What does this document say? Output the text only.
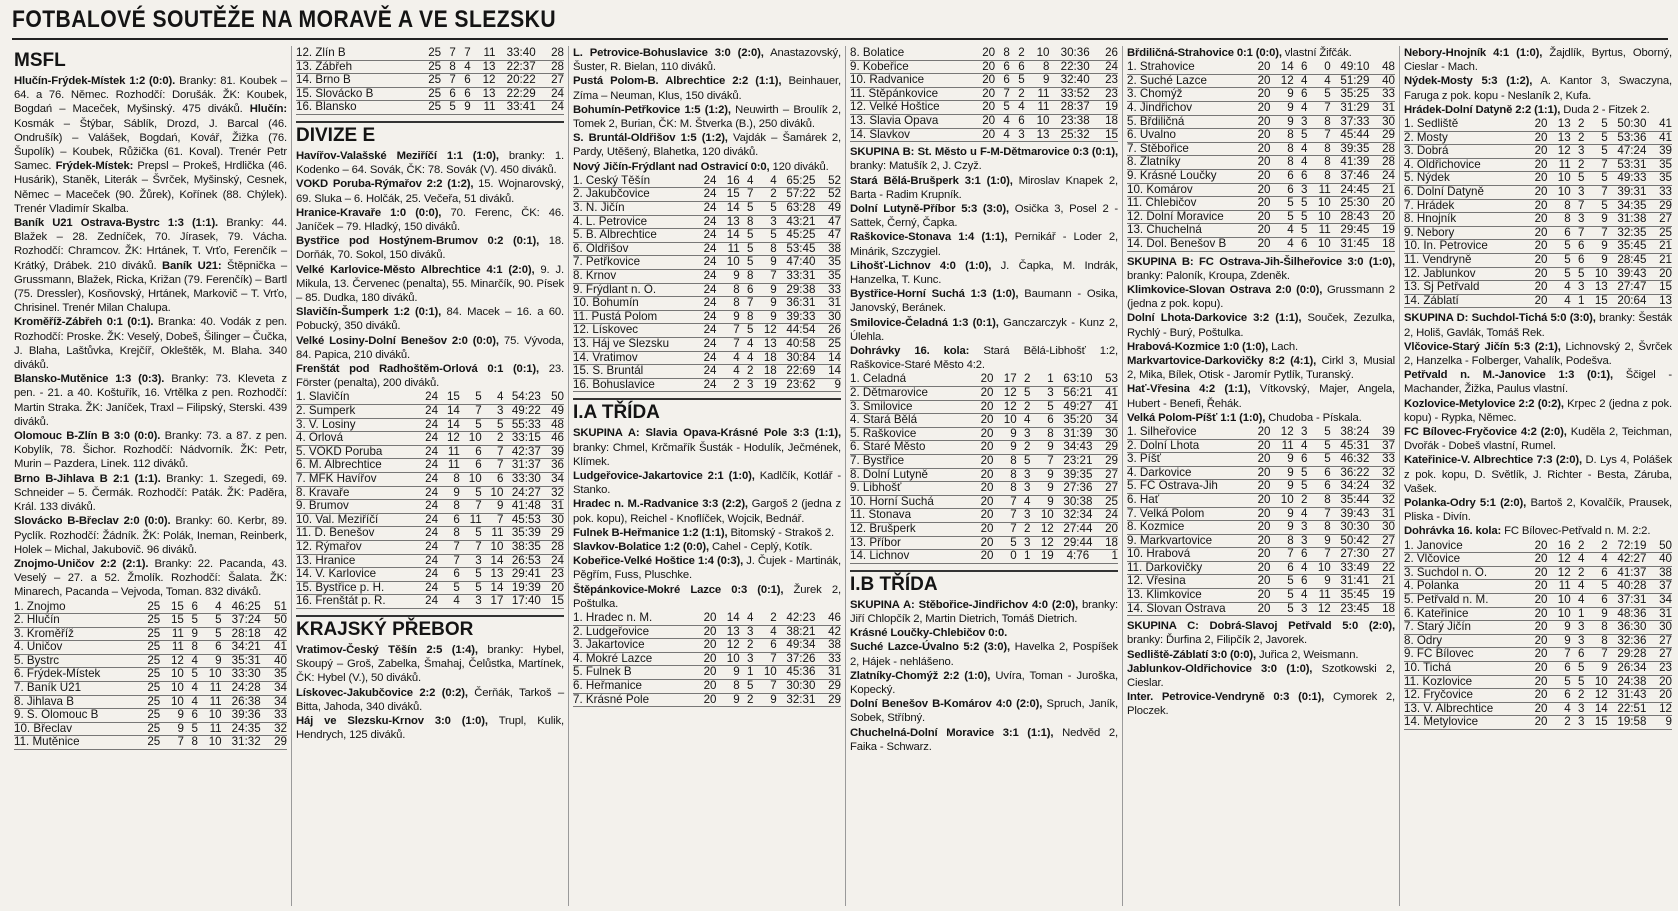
FOTBALOVÉ SOUTĚŽE NA MORAVĚ A VE SLEZSKU
MSFL

Hlučín-Frýdek-Místek 1:2 (0:0). Branky: 81. Koubek – 64. a 76. Němec. Rozhodčí: Dorušák. ŽK: Koubek, Bogdań – Maceček, Myšinský. 475 diváků. Hlučín: Kosmák – Štýbar, Sáblík, Drozd, J. Barcal (46. Ondrušík) – Valášek, Bogdań, Kovář, Žižka (76. Šupolík) – Koubek, Růžička (61. Koval). Trenér Petr Samec. Frýdek-Místek: Prepsl – Prokeš, Hrdlička (46. Husárik), Staněk, Literák – Švrček, Myšinský, Cesnek, Němec – Maceček (90. Žůrek), Kořínek (88. Chýlek). Trenér Vladimír Skalba.

Baník U21 Ostrava-Bystrc 1:3 (1:1). Branky: 44. Blažek – 28. Zedníček, 70. Jírasek, 79. Vácha. Rozhodčí: Chramcov. ŽK: Hrtánek, T. Vrťo, Ferenčík – Krátký, Drábek. 210 diváků. Baník U21: Štěpnička – Grussmann, Blažek, Ricka, Križan (79. Ferenčík) – Bartl (75. Dressler), Kosňovský, Hrtánek, Markovič – T. Vrťo, Chrisinel. Trenér Milan Chalupa.

Kroměříž-Zábřeh 0:1 (0:1). Branka: 40. Vodák z pen. Rozhodčí: Proske. ŽK: Veselý, Dobeš, Šilinger – Čučka, J. Blaha, Laštůvka, Krejčíř, Okleštěk, M. Blaha. 340 diváků.

Blansko-Mutěnice 1:3 (0:3). Branky: 73. Kleveta z pen. - 21. a 40. Koštuřík, 16. Vrtělka z pen. Rozhodčí: Martin Straka. ŽK: Janíček, Traxl – Filipský, Sterski. 439 diváků.

Olomouc B-Zlín B 3:0 (0:0). Branky: 73. a 87. z pen. Kobylík, 78. Šichor. Rozhodčí: Nádvorník. ŽK: Petr, Murin – Pazdera, Linek. 112 diváků.

Brno B-Jihlava B 2:1 (1:1). Branky: 1. Szegedi, 69. Schneider – 5. Čermák. Rozhodčí: Paták. ŽK: Paděra, Král. 133 diváků.

Slovácko B-Břeclav 2:0 (0:0). Branky: 60. Kerbr, 89. Pyclík. Rozhodčí: Žádník. ŽK: Polák, Ineman, Reinberk, Holek – Michal, Jakubovič. 96 diváků.

Znojmo-Uničov 2:2 (2:1). Branky: 22. Pacanda, 43. Veselý – 27. a 52. Žmolík. Rozhodčí: Šalata. ŽK: Minarech, Pacanda – Vejvoda, Toman. 832 diváků.

1. Znojmo	25	15	6	4	46:25	51
2. Hlučín	25	15	5	5	37:24	50
3. Kroměříž	25	11	9	5	28:18	42
4. Uničov	25	11	8	6	34:21	41
5. Bystrc	25	12	4	9	35:31	40
6. Frýdek-Místek	25	10	5	10	33:30	35
7. Baník U21	25	10	4	11	24:28	34
8. Jihlava B	25	10	4	11	26:38	34
9. S. Olomouc B	25	9	6	10	39:36	33
10. Břeclav	25	9	5	11	24:35	32
11. Mutěnice	25	7	8	10	31:32	29
12. Zlín B	25	7	7	11	33:40	28
13. Zábřeh	25	8	4	13	22:37	28
14. Brno B	25	7	6	12	20:22	27
15. Slovácko B	25	6	6	13	22:29	24
16. Blansko	25	5	9	11	33:41	24
DIVIZE E

Havířov-Valašské Meziříčí 1:1 (1:0), branky: 1. Kodenko – 64. Sovák, ČK: 78. Sovák (V). 450 diváků.

VOKD Poruba-Rýmařov 2:2 (1:2), 15. Wojnarovský, 69. Sluka – 6. Holčák, 25. Večeřa, 51 diváků.

Hranice-Kravaře 1:0 (0:0), 70. Ferenc, ČK: 46. Janíček – 79. Hladký, 150 diváků.

Bystřice pod Hostýnem-Brumov 0:2 (0:1), 18. Dorňák, 70. Sokol, 150 diváků.

Velké Karlovice-Město Albrechtice 4:1 (2:0), 9. J. Mikula, 13. Červenec (penalta), 55. Minarčík, 90. Písek – 85. Dudka, 180 diváků.

Slavičín-Šumperk 1:2 (0:1), 84. Macek – 16. a 60. Pobucký, 350 diváků.

Velké Losiny-Dolní Benešov 2:0 (0:0), 75. Vývoda, 84. Papica, 210 diváků.

Frenštát pod Radhoštěm-Orlová 0:1 (0:1), 23. Förster (penalta), 200 diváků.

1. Slavičín	24	15	5	4	54:23	50
2. Šumperk	24	14	7	3	49:22	49
3. V. Losiny	24	14	5	5	55:33	48
4. Orlová	24	12	10	2	33:15	46
5. VOKD Poruba	24	11	6	7	42:37	39
6. M. Albrechtice	24	11	6	7	31:37	36
7. MFK Havířov	24	8	10	6	33:30	34
8. Kravaře	24	9	5	10	24:27	32
9. Brumov	24	8	7	9	41:48	31
10. Val. Meziříčí	24	6	11	7	45:53	30
11. D. Benešov	24	8	5	11	35:39	29
12. Rýmařov	24	7	7	10	38:35	28
13. Hranice	24	7	3	14	26:53	24
14. V. Karlovice	24	6	5	13	29:41	23
15. Bystřice p. H.	24	5	5	14	19:39	20
16. Frenštát p. R.	24	4	3	17	17:40	15
KRAJSKÝ PŘEBOR

Vratimov-Český Těšín 2:5 (1:4), branky: Hybel, Skoupý – Groš, Zabelka, Šmahaj, Čelůstka, Martínek, ČK: Hybel (V.), 50 diváků.

Lískovec-Jakubčovice 2:2 (0:2), Čerňák, Tarkoš – Bitta, Jahoda, 340 diváků.

Háj ve Slezsku-Krnov 3:0 (1:0), Trupl, Kulik, Hendrych, 125 diváků.

L. Petrovice-Bohuslavice 3:0 (2:0), Anastazovský, Šuster, R. Bielan, 110 diváků.

Pustá Polom-B. Albrechtice 2:2 (1:1), Beinhauer, Zíma – Neuman, Klus, 150 diváků.

Bohumín-Petřkovice 1:5 (1:2), Neuwirth – Broulík 2, Tomek 2, Burian, ČK: M. Štverka (B.), 250 diváků.

S. Bruntál-Oldřišov 1:5 (1:2), Vajdák – Šamárek 2, Pardy, Utěšený, Blahetka, 120 diváků.

Nový Jičín-Frýdlant nad Ostravicí 0:0, 120 diváků.

1. Český Těšín	24	16	4	4	65:25	52
2. Jakubčovice	24	15	7	2	57:22	52
3. N. Jičín	24	14	5	5	63:28	49
4. L. Petrovice	24	13	8	3	43:21	47
5. B. Albrechtice	24	14	5	5	45:25	47
6. Oldřišov	24	11	5	8	53:45	38
7. Petřkovice	24	10	5	9	47:40	35
8. Krnov	24	9	8	7	33:31	35
9. Frýdlant n. O.	24	8	6	9	29:38	33
10. Bohumín	24	8	7	9	36:31	31
11. Pustá Polom	24	9	8	9	39:33	30
12. Lískovec	24	7	5	12	44:54	26
13. Háj ve Slezsku	24	7	4	13	40:58	25
14. Vratimov	24	4	4	18	30:84	14
15. S. Bruntál	24	4	2	18	22:69	14
16. Bohuslavice	24	2	3	19	23:62	9
I.A TŘÍDA

SKUPINA A: Slavia Opava-Krásné Pole 3:3 (1:1), branky: Chmel, Krčmařík Šusták - Hodulík, Ječmének, Klímek.

Ludgeřovice-Jakartovice 2:1 (1:0), Kadlčík, Kotlář - Stanko.

Hradec n. M.-Radvanice 3:3 (2:2), Gargoš 2 (jedna z pok. kopu), Reichel - Knoflíček, Wojcik, Bednář.

Fulnek B-Heřmanice 1:2 (1:1), Bitomský - Strakoš 2.

Slavkov-Bolatice 1:2 (0:0), Cahel - Ceplý, Kotík.

Kobeřice-Velké Hoštice 1:4 (0:3), J. Čujek - Martinák, Pěgřím, Fuss, Pluschke.

Štěpánkovice-Mokré Lazce 0:3 (0:1), Žurek 2, Poštulka.

1. Hradec n. M.	20	14	4	2	42:23	46
2. Ludgeřovice	20	13	3	4	38:21	42
3. Jakartovice	20	12	2	6	49:34	38
4. Mokré Lazce	20	10	3	7	37:26	33
5. Fulnek B	20	9	1	10	45:36	31
6. Heřmanice	20	8	5	7	30:30	29
7. Krásné Pole	20	9	2	9	32:31	29
8. Bolatice	20	8	2	10	30:36	26
9. Kobeřice	20	6	6	8	22:30	24
10. Radvanice	20	6	5	9	32:40	23
11. Štěpánkovice	20	7	2	11	33:52	23
12. Velké Hoštice	20	5	4	11	28:37	19
13. Slavia Opava	20	4	6	10	23:38	18
14. Slavkov	20	4	3	13	25:32	15

SKUPINA B: St. Město u F-M-Dětmarovice 0:3 (0:1), branky: Matušík 2, J. Czyž.

Stará Bělá-Brušperk 3:1 (1:0), Miroslav Knapek 2, Barta - Radim Krupník.

Dolní Lutyně-Příbor 5:3 (3:0), Osička 3, Posel 2 - Sattek, Černý, Čapka.

Raškovice-Stonava 1:4 (1:1), Pernikář - Loder 2, Minárik, Szczygiel.

Lihošť-Lichnov 4:0 (1:0), J. Čapka, M. Indrák, Hanzelka, T. Kunc.

Bystřice-Horní Suchá 1:3 (1:0), Baumann - Osika, Janovský, Beránek.

Smilovice-Čeladná 1:3 (0:1), Ganczarczyk - Kunz 2, Úlehla.

Dohrávky 16. kola: Stará Bělá-Libhošť 1:2, Raškovice-Staré Město 4:2.

1. Čeladná	20	17	2	1	63:10	53
2. Dětmarovice	20	12	5	3	56:21	41
3. Smilovice	20	12	2	5	49:27	41
4. Stará Bělá	20	10	4	6	35:20	34
5. Raškovice	20	9	3	8	31:39	30
6. Staré Město	20	9	2	9	34:43	29
7. Bystřice	20	8	5	7	23:21	29
8. Dolní Lutyně	20	8	3	9	39:35	27
9. Libhošť	20	8	3	9	27:36	27
10. Horní Suchá	20	7	4	9	30:38	25
11. Stonava	20	7	3	10	32:34	24
12. Brušperk	20	7	2	12	27:44	20
13. Příbor	20	5	3	12	29:44	18
14. Lichnov	20	0	1	19	4:76	1
I.B TŘÍDA

SKUPINA A: Stěbořice-Jindřichov 4:0 (2:0), branky: Jiří Chlopčík 2, Martin Dietrich, Tomáš Dietrich.

Krásné Loučky-Chlebičov 0:0.

Suché Lazce-Úvalno 5:2 (3:0), Havelka 2, Pospíšek 2, Hájek - nehlášeno.

Zlatníky-Chomýž 2:2 (1:0), Uvíra, Toman - Juroška, Kopecký.

Dolní Benešov B-Komárov 4:0 (2:0), Spruch, Janík, Sobek, Stříbný.

Chuchelná-Dolní Moravice 3:1 (1:1), Nedvěd 2, Faika - Schwarz.

Břdiličná-Strahovice 0:1 (0:0), vlastní Žifčák.

1. Strahovice	20	14	6	0	49:10	48
2. Suché Lazce	20	12	4	4	51:29	40
3. Chomýž	20	9	6	5	35:25	33
4. Jindřichov	20	9	4	7	31:29	31
5. Břdiličná	20	9	3	8	37:33	30
6. Úvalno	20	8	5	7	45:44	29
7. Stěbořice	20	8	4	8	39:35	28
8. Zlatníky	20	8	4	8	41:39	28
9. Krásné Loučky	20	6	6	8	37:46	24
10. Komárov	20	6	3	11	24:45	21
11. Chlebičov	20	5	5	10	25:30	20
12. Dolní Moravice	20	5	5	10	28:43	20
13. Chuchelná	20	4	5	11	29:45	19
14. Dol. Benešov B	20	4	6	10	31:45	18

SKUPINA B: FC Ostrava-Jih-Šilheřovice 3:0 (1:0), branky: Paloník, Kroupa, Zdeněk.

Klimkovice-Slovan Ostrava 2:0 (0:0), Grussmann 2 (jedna z pok. kopu).

Dolní Lhota-Darkovice 3:2 (1:1), Souček, Zezulka, Rychlý - Burý, Poštulka.

Hrabová-Kozmice 1:0 (1:0), Lach.

Markvartovice-Darkovičky 8:2 (4:1), Cirkl 3, Musial 2, Mika, Bílek, Otisk - Jaromír Pytlík, Turanský.

Hať-Vřesina 4:2 (1:1), Vítkovský, Majer, Angela, Hubert - Benefi, Řehák.

Velká Polom-Píšť 1:1 (1:0), Chudoba - Pískala.

1. Šilheřovice	20	12	3	5	38:24	39
2. Dolní Lhota	20	11	4	5	45:31	37
3. Píšť	20	9	6	5	46:32	33
4. Darkovice	20	9	5	6	36:22	32
5. FC Ostrava-Jih	20	9	5	6	34:24	32
6. Hať	20	10	2	8	35:44	32
7. Velká Polom	20	9	4	7	39:43	31
8. Kozmice	20	9	3	8	30:30	30
9. Markvartovice	20	8	3	9	50:42	27
10. Hrabová	20	7	6	7	27:30	27
11. Darkovičky	20	6	4	10	33:49	22
12. Vřesina	20	5	6	9	31:41	21
13. Klimkovice	20	5	4	11	35:45	19
14. Slovan Ostrava	20	5	3	12	23:45	18

SKUPINA C: Dobrá-Slavoj Petřvald 5:0 (2:0), branky: Ďurfina 2, Filipčík 2, Javorek.

Sedliště-Záblatí 3:0 (0:0), Juřica 2, Weismann.

Jablunkov-Oldřichovice 3:0 (1:0), Szotkowski 2, Cieslar.

Inter. Petrovice-Vendryně 0:3 (0:1), Cymorek 2, Ploczek.

Nebory-Hnojník 4:1 (1:0), Žajdlík, Byrtus, Oborný, Cieslar - Mach.

Nýdek-Mosty 5:3 (1:2), A. Kantor 3, Swaczyna, Faruga z pok. kopu - Neslaník 2, Kufa.

Hrádek-Dolní Datyně 2:2 (1:1), Duda 2 - Fitzek 2.

1. Sedliště	20	13	2	5	50:30	41
2. Mosty	20	13	2	5	53:36	41
3. Dobrá	20	12	3	5	47:24	39
4. Oldřichovice	20	11	2	7	53:31	35
5. Nýdek	20	10	5	5	49:33	35
6. Dolní Datyně	20	10	3	7	39:31	33
7. Hrádek	20	8	7	5	34:35	29
8. Hnojník	20	8	3	9	31:38	27
9. Nebory	20	6	7	7	32:35	25
10. In. Petrovice	20	5	6	9	35:45	21
11. Vendryně	20	5	6	9	28:45	21
12. Jablunkov	20	5	5	10	39:43	20
13. Sj Petřvald	20	4	3	13	27:47	15
14. Záblatí	20	4	1	15	20:64	13

SKUPINA D: Suchdol-Tichá 5:0 (3:0), branky: Šesták 2, Holiš, Gavlák, Tomáš Rek.

Vlčovice-Starý Jičín 5:3 (2:1), Lichnovský 2, Švrček 2, Hanzelka - Folberger, Vahalík, Podešva.

Petřvald n. M.-Janovice 1:3 (0:1), Ščigel - Machander, Žižka, Paulus vlastní.

Kozlovice-Metylovice 2:2 (0:2), Krpec 2 (jedna z pok. kopu) - Rypka, Němec.

FC Bílovec-Fryčovice 4:2 (2:0), Kuděla 2, Teichman, Dvořák - Dobeš vlastní, Rumel.

Kateřinice-V. Albrechtice 7:3 (2:0), D. Lys 4, Polášek z pok. kopu, D. Světlík, J. Richter - Besta, Záruba, Vašek.

Polanka-Odry 5:1 (2:0), Bartoš 2, Kovalčík, Prausek, Pliska - Divín.

Dohrávka 16. kola: FC Bílovec-Petřvald n. M. 2:2.

1. Janovice	20	16	2	2	72:19	50
2. Vlčovice	20	12	4	4	42:27	40
3. Suchdol n. O.	20	12	2	6	41:37	38
4. Polanka	20	11	4	5	40:28	37
5. Petřvald n. M.	20	10	4	6	37:31	34
6. Kateřinice	20	10	1	9	48:36	31
7. Starý Jičín	20	9	3	8	36:30	30
8. Odry	20	9	3	8	32:36	27
9. FC Bílovec	20	7	6	7	29:28	27
10. Tichá	20	6	5	9	26:34	23
11. Kozlovice	20	5	5	10	24:38	20
12. Fryčovice	20	6	2	12	31:43	20
13. V. Albrechtice	20	4	3	14	22:51	12
14. Metylovice	20	2	3	15	19:58	9
